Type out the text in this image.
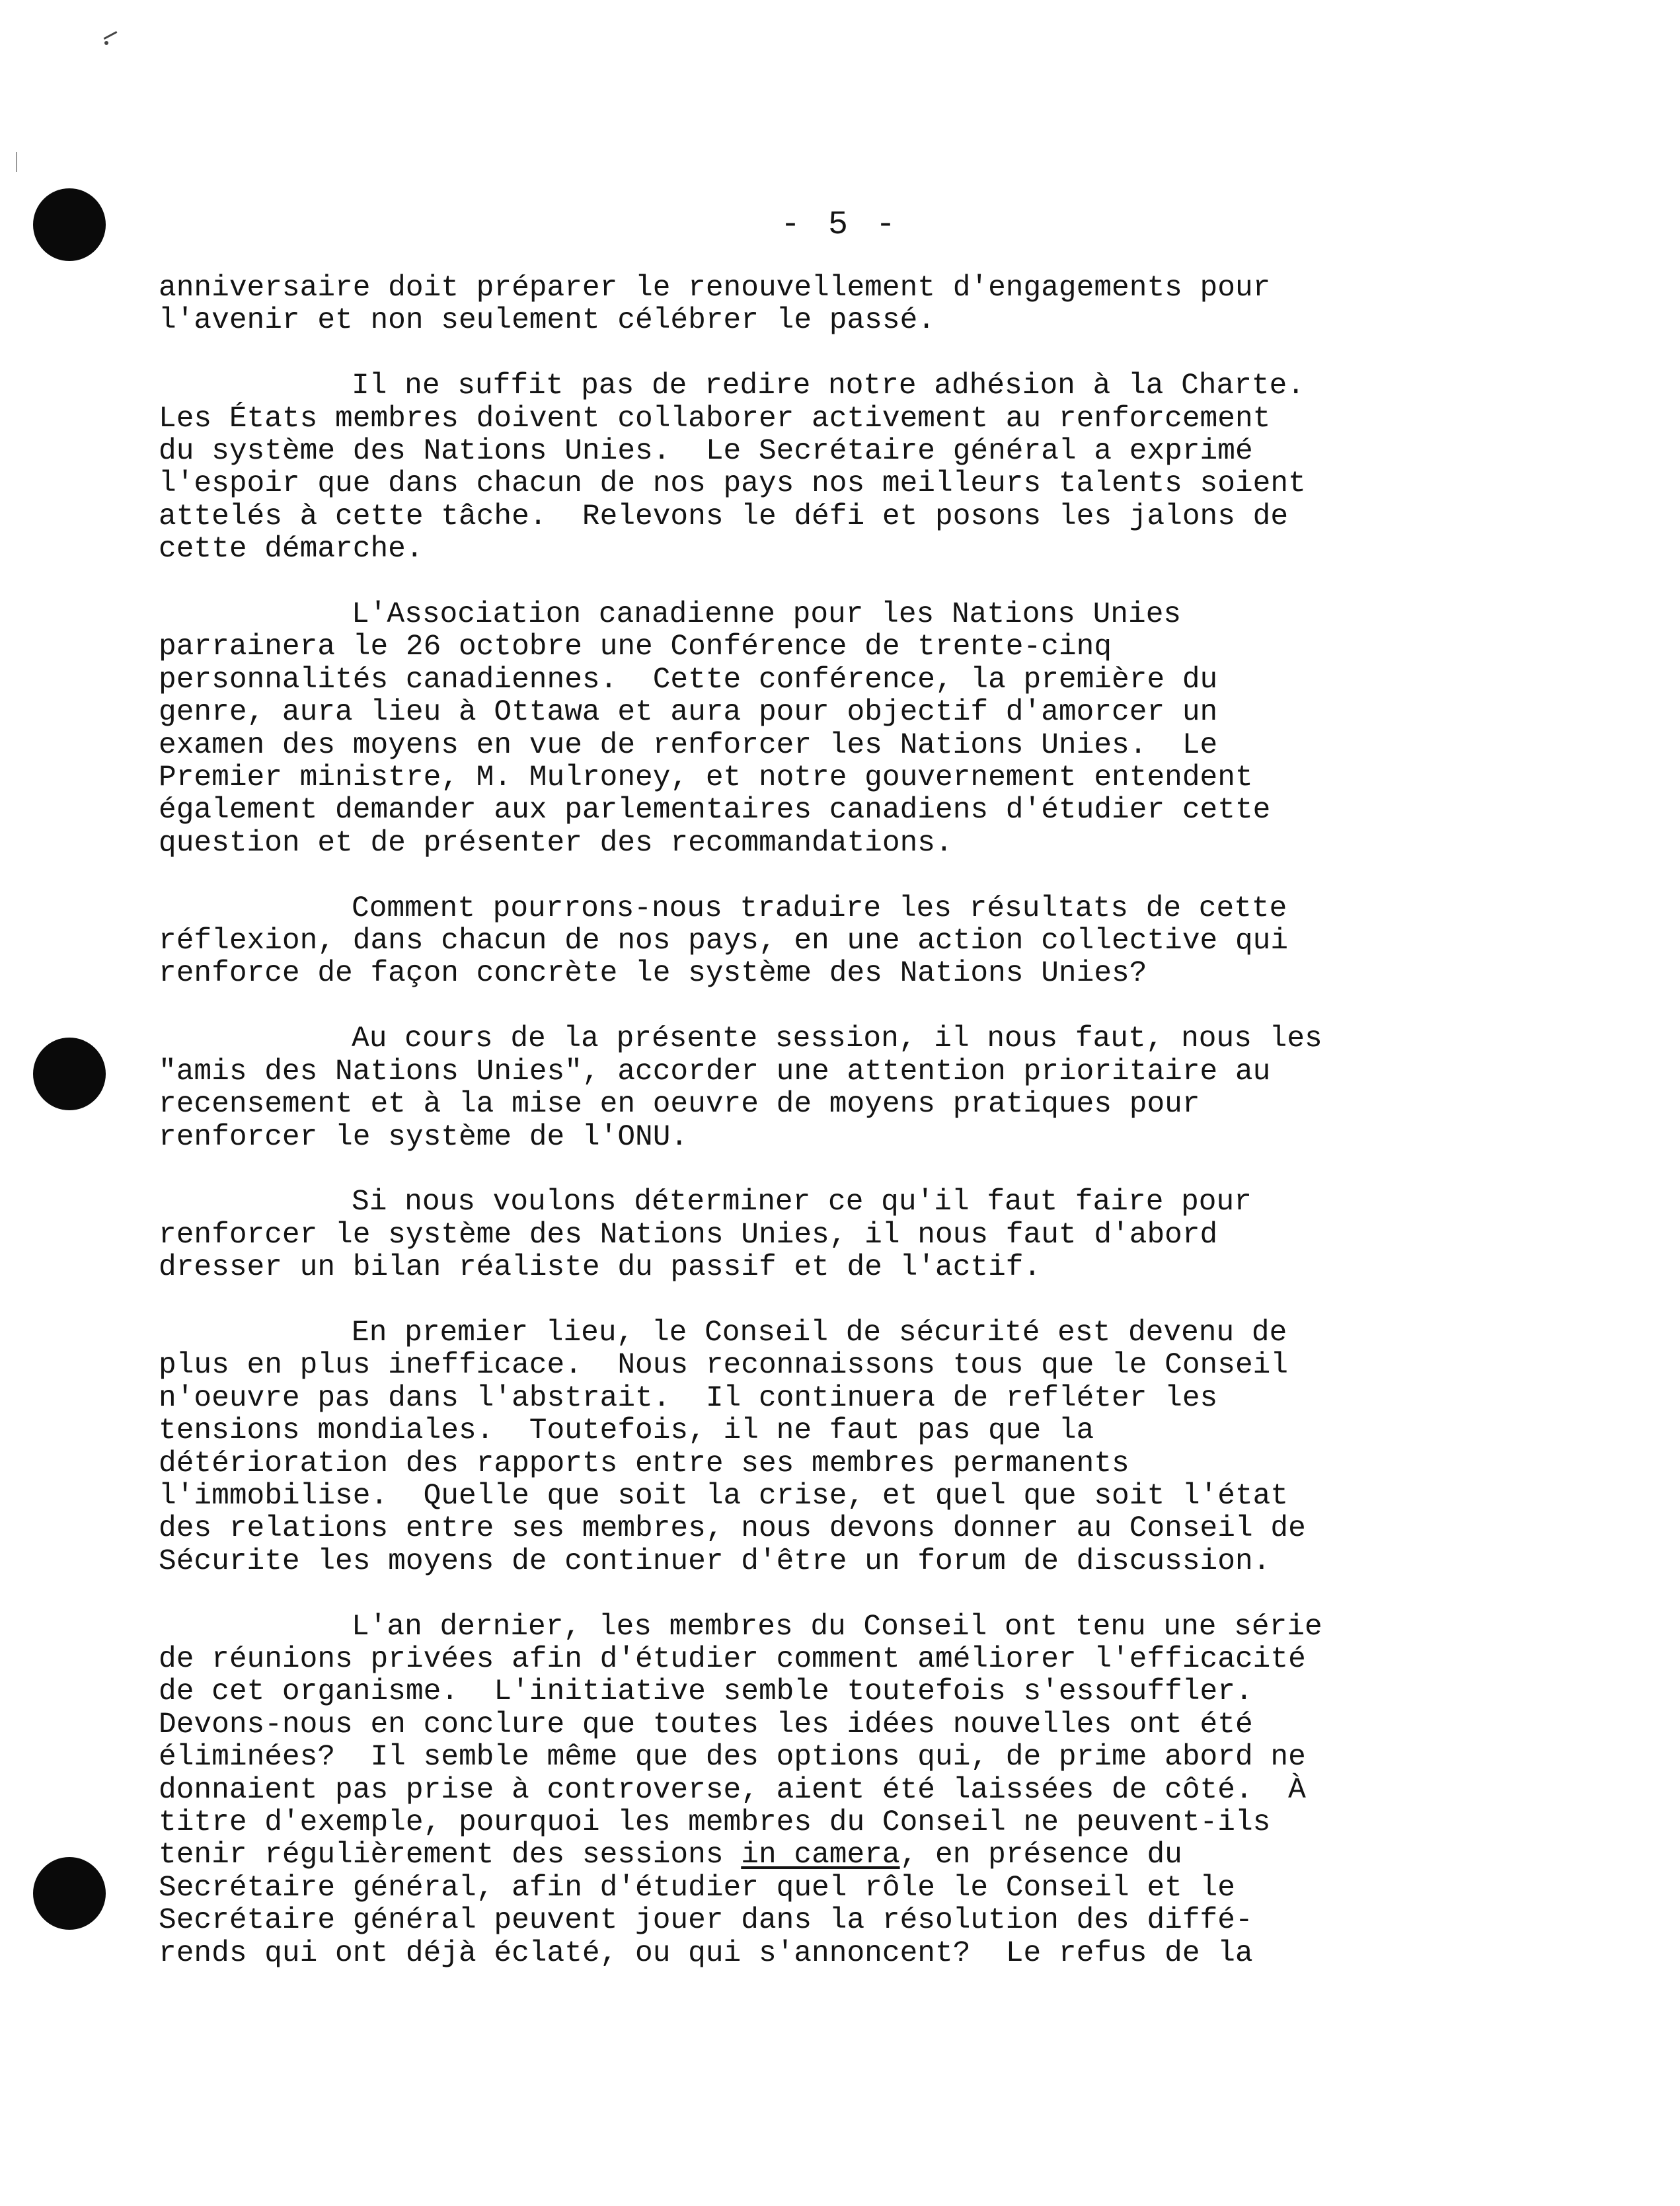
- 5 -

anniversaire doit préparer le renouvellement d'engagements pour
l'avenir et non seulement célébrer le passé.

Il ne suffit pas de redire notre adhésion à la Charte.
Les États membres doivent collaborer activement au renforcement
du système des Nations Unies.  Le Secrétaire général a exprimé
l'espoir que dans chacun de nos pays nos meilleurs talents soient
attelés à cette tâche.  Relevons le défi et posons les jalons de
cette démarche.

L'Association canadienne pour les Nations Unies
parrainera le 26 octobre une Conférence de trente-cinq
personnalités canadiennes.  Cette conférence, la première du
genre, aura lieu à Ottawa et aura pour objectif d'amorcer un
examen des moyens en vue de renforcer les Nations Unies.  Le
Premier ministre, M. Mulroney, et notre gouvernement entendent
également demander aux parlementaires canadiens d'étudier cette
question et de présenter des recommandations.

Comment pourrons-nous traduire les résultats de cette
réflexion, dans chacun de nos pays, en une action collective qui
renforce de façon concrète le système des Nations Unies?

Au cours de la présente session, il nous faut, nous les
"amis des Nations Unies", accorder une attention prioritaire au
recensement et à la mise en oeuvre de moyens pratiques pour
renforcer le système de l'ONU.

Si nous voulons déterminer ce qu'il faut faire pour
renforcer le système des Nations Unies, il nous faut d'abord
dresser un bilan réaliste du passif et de l'actif.

En premier lieu, le Conseil de sécurité est devenu de
plus en plus inefficace.  Nous reconnaissons tous que le Conseil
n'oeuvre pas dans l'abstrait.  Il continuera de refléter les
tensions mondiales.  Toutefois, il ne faut pas que la
détérioration des rapports entre ses membres permanents
l'immobilise.  Quelle que soit la crise, et quel que soit l'état
des relations entre ses membres, nous devons donner au Conseil de
Sécurite les moyens de continuer d'être un forum de discussion.

L'an dernier, les membres du Conseil ont tenu une série
de réunions privées afin d'étudier comment améliorer l'efficacité
de cet organisme.  L'initiative semble toutefois s'essouffler.
Devons-nous en conclure que toutes les idées nouvelles ont été
éliminées?  Il semble même que des options qui, de prime abord ne
donnaient pas prise à controverse, aient été laissées de côté.  À
titre d'exemple, pourquoi les membres du Conseil ne peuvent-ils
tenir régulièrement des sessions in camera, en présence du
Secrétaire général, afin d'étudier quel rôle le Conseil et le
Secrétaire général peuvent jouer dans la résolution des diffé-
rends qui ont déjà éclaté, ou qui s'annoncent?  Le refus de la
